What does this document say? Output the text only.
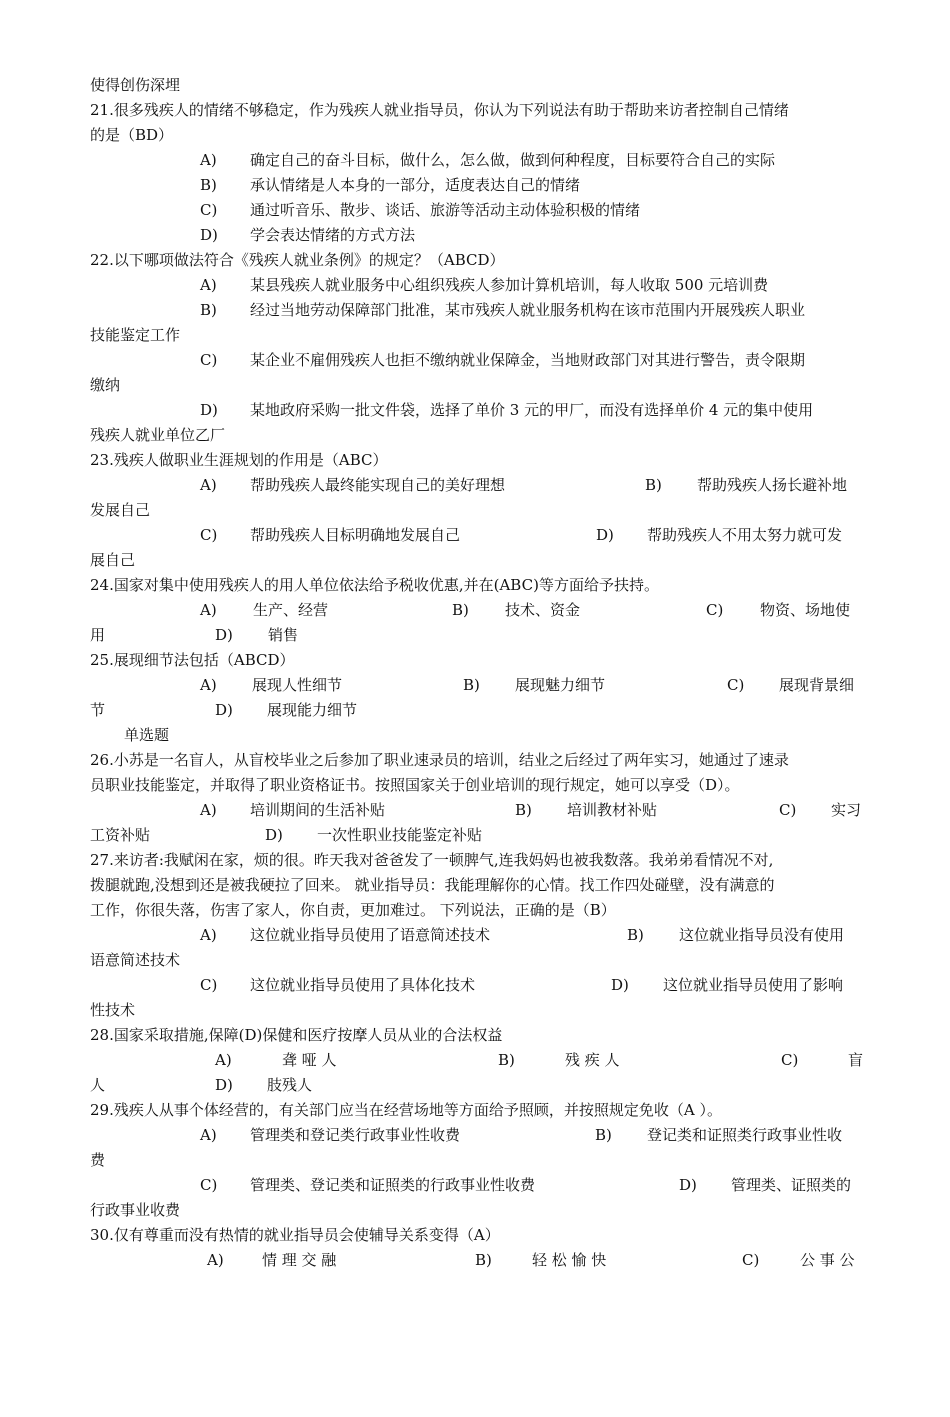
使得创伤深埋
21.很多残疾人的情绪不够稳定，作为残疾人就业指导员，你认为下列说法有助于帮助来访者控制自己情绪
的是（BD）
A) 确定自己的奋斗目标，做什么，怎么做，做到何种程度，目标要符合自己的实际
B) 承认情绪是人本身的一部分，适度表达自己的情绪
C) 通过听音乐、散步、谈话、旅游等活动主动体验积极的情绪
D) 学会表达情绪的方式方法
22.以下哪项做法符合《残疾人就业条例》的规定？（ABCD）
A) 某县残疾人就业服务中心组织残疾人参加计算机培训，每人收取 500 元培训费
B) 经过当地劳动保障部门批准，某市残疾人就业服务机构在该市范围内开展残疾人职业
技能鉴定工作
C) 某企业不雇佣残疾人也拒不缴纳就业保障金，当地财政部门对其进行警告，责令限期
缴纳
D) 某地政府采购一批文件袋，选择了单价 3 元的甲厂，而没有选择单价 4 元的集中使用
残疾人就业单位乙厂
23.残疾人做职业生涯规划的作用是（ABC）
A) 帮助残疾人最终能实现自己的美好理想	B) 帮助残疾人扬长避补地
发展自己
C) 帮助残疾人目标明确地发展自己	D) 帮助残疾人不用太努力就可发
展自己
24.国家对集中使用残疾人的用人单位依法给予税收优惠,并在(ABC)等方面给予扶持。
A) 生产、经营	B) 技术、资金	C) 物资、场地使
用	D) 销售
25.展现细节法包括（ABCD）
A) 展现人性细节	B) 展现魅力细节	C) 展现背景细
节	D) 展现能力细节
单选题
26.小苏是一名盲人，从盲校毕业之后参加了职业速录员的培训，结业之后经过了两年实习，她通过了速录
员职业技能鉴定，并取得了职业资格证书。按照国家关于创业培训的现行规定，她可以享受（D）。
A) 培训期间的生活补贴	B) 培训教材补贴	C) 实习
工资补贴	D) 一次性职业技能鉴定补贴
27.来访者:我赋闲在家，烦的很。昨天我对爸爸发了一顿脾气,连我妈妈也被我数落。我弟弟看情况不对,
拨腿就跑,没想到还是被我硬拉了回来。 就业指导员：我能理解你的心情。找工作四处碰壁，没有满意的
工作，你很失落，伤害了家人，你自责，更加难过。 下列说法，正确的是（B）
A) 这位就业指导员使用了语意简述技术	B) 这位就业指导员没有使用
语意简述技术
C) 这位就业指导员使用了具体化技术	D) 这位就业指导员使用了影响
性技术
28.国家采取措施,保障(D)保健和医疗按摩人员从业的合法权益
A)	聋 哑 人	B)	残 疾 人	C)	盲
人	D) 肢残人
29.残疾人从事个体经营的，有关部门应当在经营场地等方面给予照顾，并按照规定免收（A ）。
A) 管理类和登记类行政事业性收费	B) 登记类和证照类行政事业性收
费
C) 管理类、登记类和证照类的行政事业性收费	D) 管理类、证照类的
行政事业收费
30.仅有尊重而没有热情的就业指导员会使辅导关系变得（A）
A)	情 理 交 融	B)	轻 松 愉 快	C)	公 事 公
